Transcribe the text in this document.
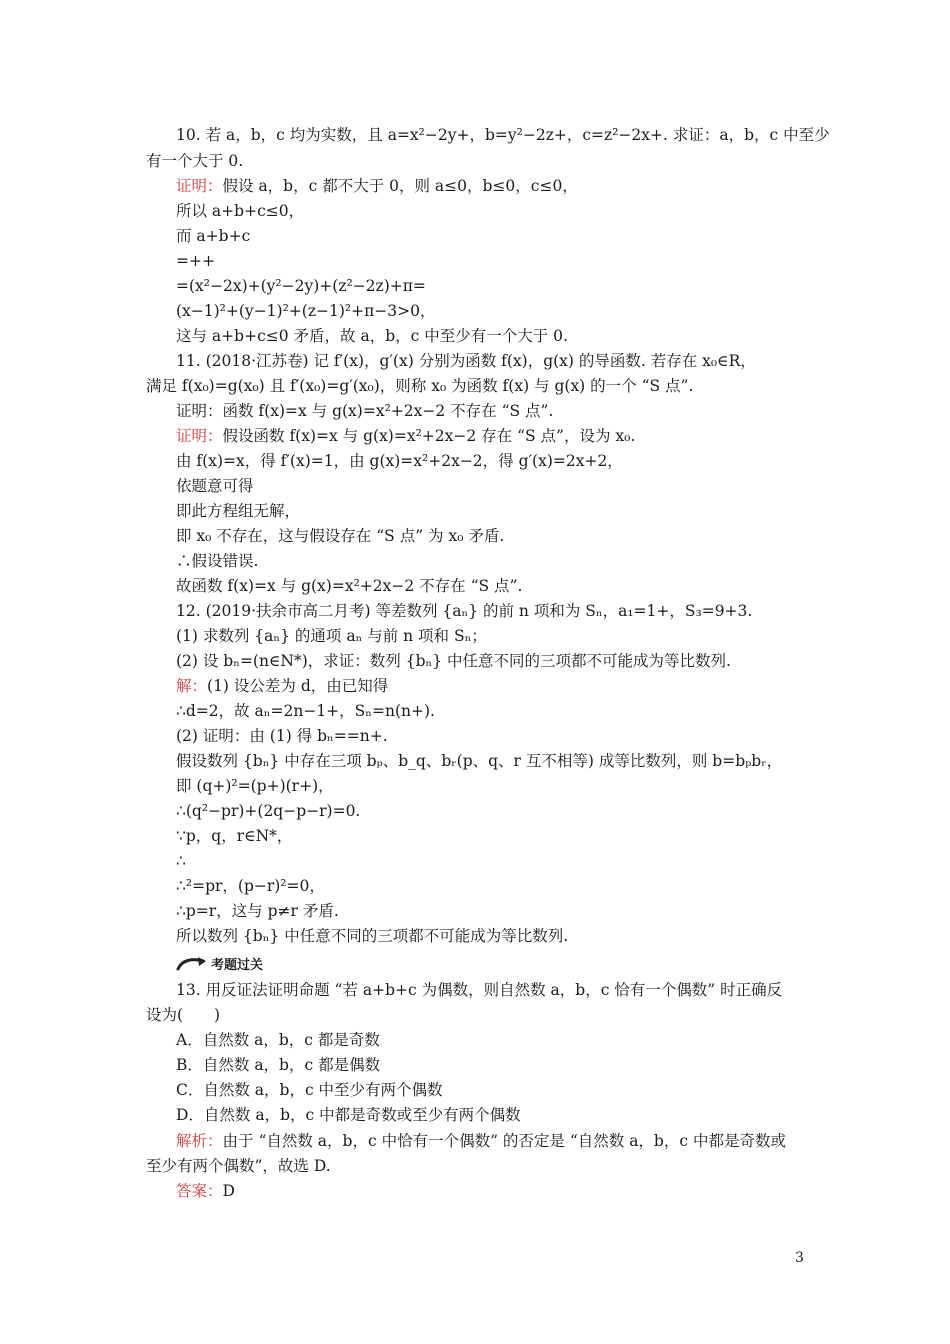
10. 若 a，b，c 均为实数，且 a=x²−2y+，b=y²−2z+，c=z²−2x+. 求证：a，b，c 中至少
有一个大于 0.
证明：假设 a，b，c 都不大于 0，则 a≤0，b≤0，c≤0，
所以 a+b+c≤0，
而 a+b+c
=++
=(x²−2x)+(y²−2y)+(z²−2z)+π=
(x−1)²+(y−1)²+(z−1)²+π−3>0，
这与 a+b+c≤0 矛盾，故 a，b，c 中至少有一个大于 0.
11. (2018·江苏卷) 记 f′(x)，g′(x) 分别为函数 f(x)，g(x) 的导函数. 若存在 x₀∈R，
满足 f(x₀)=g(x₀) 且 f′(x₀)=g′(x₀)，则称 x₀ 为函数 f(x) 与 g(x) 的一个 “S 点”.
证明：函数 f(x)=x 与 g(x)=x²+2x−2 不存在 “S 点”.
证明：假设函数 f(x)=x 与 g(x)=x²+2x−2 存在 “S 点”，设为 x₀.
由 f(x)=x，得 f′(x)=1，由 g(x)=x²+2x−2，得 g′(x)=2x+2，
依题意可得
即此方程组无解，
即 x₀ 不存在，这与假设存在 “S 点” 为 x₀ 矛盾.
∴假设错误.
故函数 f(x)=x 与 g(x)=x²+2x−2 不存在 “S 点”.
12. (2019·扶余市高二月考) 等差数列 {aₙ} 的前 n 项和为 Sₙ，a₁=1+，S₃=9+3.
(1) 求数列 {aₙ} 的通项 aₙ 与前 n 项和 Sₙ；
(2) 设 bₙ=(n∈N*)，求证：数列 {bₙ} 中任意不同的三项都不可能成为等比数列.
解：(1) 设公差为 d，由已知得
∴d=2，故 aₙ=2n−1+，Sₙ=n(n+).
(2) 证明：由 (1) 得 bₙ==n+.
假设数列 {bₙ} 中存在三项 bₚ、b_q、bᵣ(p、q、r 互不相等) 成等比数列，则 b=bₚbᵣ，
即 (q+)²=(p+)(r+)，
∴(q²−pr)+(2q−p−r)=0.
∵p，q，r∈N*，
∴
∴²=pr，(p−r)²=0，
∴p=r，这与 p≠r 矛盾.
所以数列 {bₙ} 中任意不同的三项都不可能成为等比数列.
考题过关
13. 用反证法证明命题 “若 a+b+c 为偶数，则自然数 a，b，c 恰有一个偶数” 时正确反
设为(　　)
A．自然数 a，b，c 都是奇数
B．自然数 a，b，c 都是偶数
C．自然数 a，b，c 中至少有两个偶数
D．自然数 a，b，c 中都是奇数或至少有两个偶数
解析：由于 “自然数 a，b，c 中恰有一个偶数” 的否定是 “自然数 a，b，c 中都是奇数或
至少有两个偶数”，故选 D.
答案：D
3
